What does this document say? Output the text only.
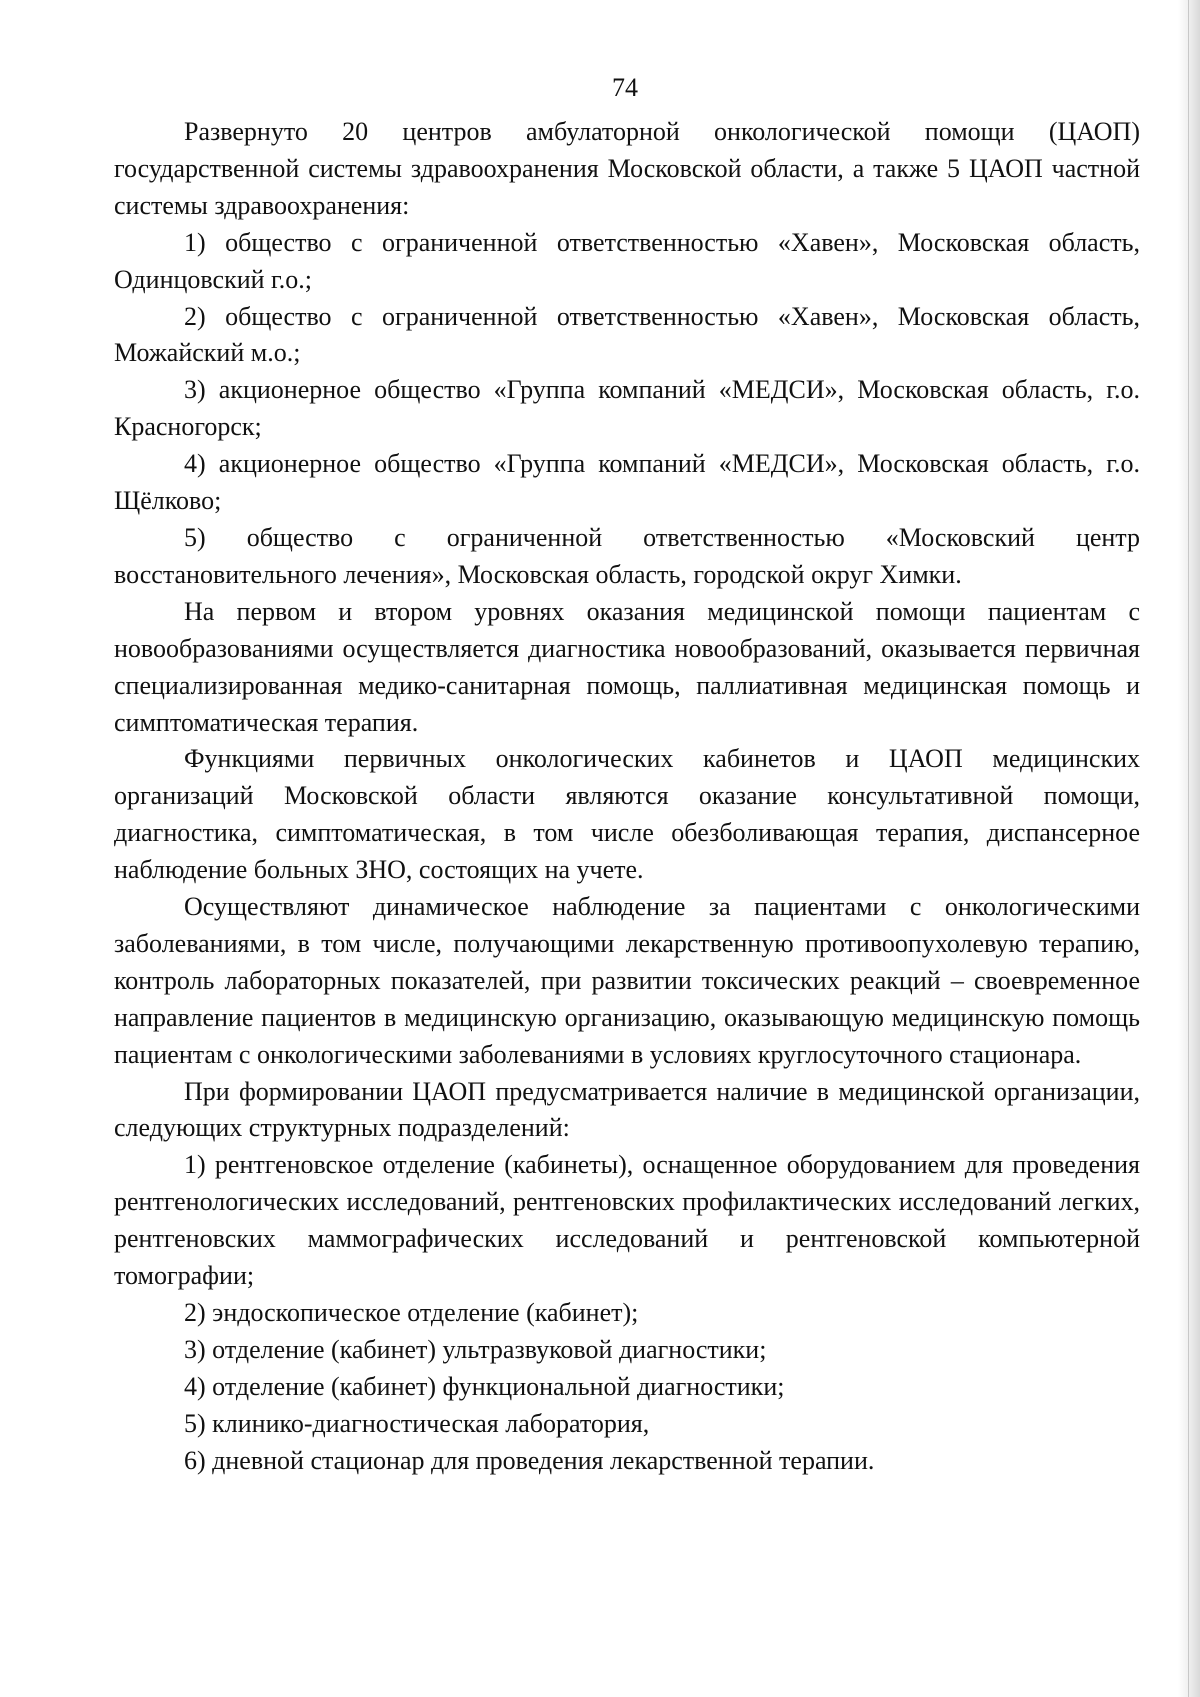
74

Развернуто 20 центров амбулаторной онкологической помощи (ЦАОП) государственной системы здравоохранения Московской области, а также 5 ЦАОП частной системы здравоохранения:

1) общество с ограниченной ответственностью «Хавен», Московская область, Одинцовский г.о.;

2) общество с ограниченной ответственностью «Хавен», Московская область, Можайский м.о.;

3) акционерное общество «Группа компаний «МЕДСИ», Московская область, г.о. Красногорск;

4) акционерное общество «Группа компаний «МЕДСИ», Московская область, г.о. Щёлково;

5) общество с ограниченной ответственностью «Московский центр восстановительного лечения», Московская область, городской округ Химки.

На первом и втором уровнях оказания медицинской помощи пациентам с новообразованиями осуществляется диагностика новообразований, оказывается первичная специализированная медико-санитарная помощь, паллиативная медицинская помощь и симптоматическая терапия.

Функциями первичных онкологических кабинетов и ЦАОП медицинских организаций Московской области являются оказание консультативной помощи, диагностика, симптоматическая, в том числе обезболивающая терапия, диспансерное наблюдение больных ЗНО, состоящих на учете.

Осуществляют динамическое наблюдение за пациентами с онкологическими заболеваниями, в том числе, получающими лекарственную противоопухолевую терапию, контроль лабораторных показателей, при развитии токсических реакций – своевременное направление пациентов в медицинскую организацию, оказывающую медицинскую помощь пациентам с онкологическими заболеваниями в условиях круглосуточного стационара.

При формировании ЦАОП предусматривается наличие в медицинской организации, следующих структурных подразделений:

1) рентгеновское отделение (кабинеты), оснащенное оборудованием для проведения рентгенологических исследований, рентгеновских профилактических исследований легких, рентгеновских маммографических исследований и рентгеновской компьютерной томографии;

2) эндоскопическое отделение (кабинет);

3) отделение (кабинет) ультразвуковой диагностики;

4) отделение (кабинет) функциональной диагностики;

5) клинико-диагностическая лаборатория,

6) дневной стационар для проведения лекарственной терапии.
